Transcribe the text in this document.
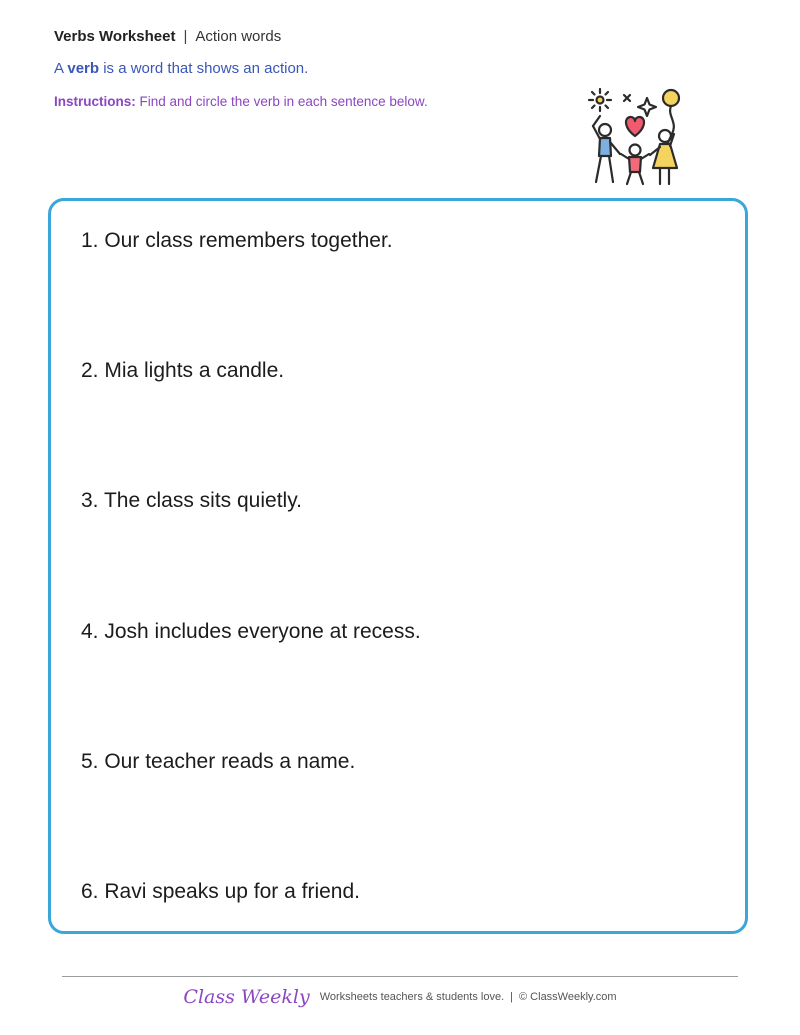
Verbs Worksheet | Action words
A verb is a word that shows an action.
Instructions: Find and circle the verb in each sentence below.
1. Our class remembers together.
2. Mia lights a candle.
3. The class sits quietly.
4. Josh includes everyone at recess.
5. Our teacher reads a name.
6. Ravi speaks up for a friend.
Class Weekly Worksheets teachers & students love. | © ClassWeekly.com
